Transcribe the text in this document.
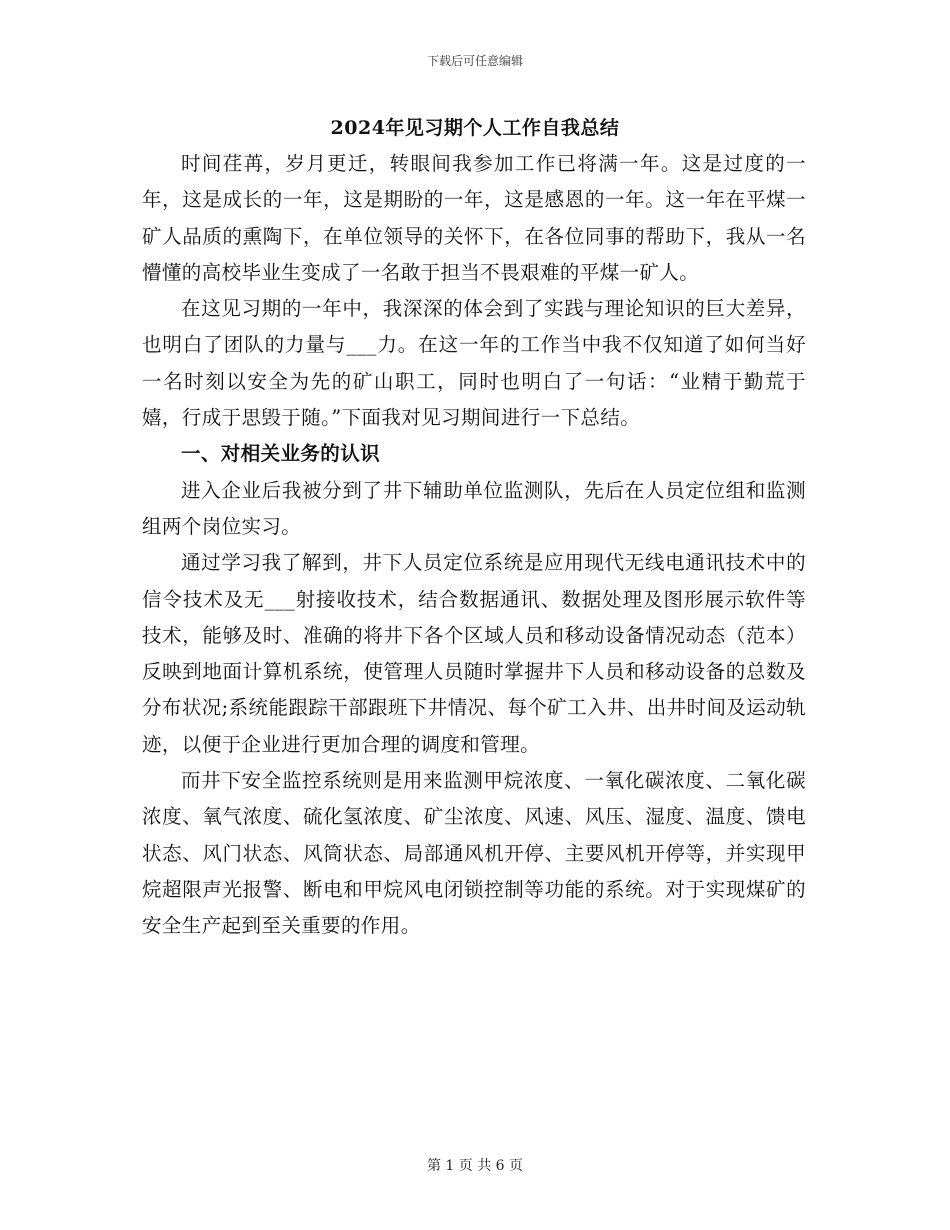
下载后可任意编辑
2024年见习期个人工作自我总结

时间荏苒，岁月更迁，转眼间我参加工作已将满一年。这是过度的一年，这是成长的一年，这是期盼的一年，这是感恩的一年。这一年在平煤一矿人品质的熏陶下，在单位领导的关怀下，在各位同事的帮助下，我从一名懵懂的高校毕业生变成了一名敢于担当不畏艰难的平煤一矿人。

在这见习期的一年中，我深深的体会到了实践与理论知识的巨大差异，也明白了团队的力量与___力。在这一年的工作当中我不仅知道了如何当好一名时刻以安全为先的矿山职工，同时也明白了一句话：“业精于勤荒于嬉，行成于思毁于随。”下面我对见习期间进行一下总结。

一、对相关业务的认识

进入企业后我被分到了井下辅助单位监测队，先后在人员定位组和监测组两个岗位实习。

通过学习我了解到，井下人员定位系统是应用现代无线电通讯技术中的信令技术及无___射接收技术，结合数据通讯、数据处理及图形展示软件等技术，能够及时、准确的将井下各个区域人员和移动设备情况动态（范本）反映到地面计算机系统，使管理人员随时掌握井下人员和移动设备的总数及分布状况;系统能跟踪干部跟班下井情况、每个矿工入井、出井时间及运动轨迹，以便于企业进行更加合理的调度和管理。

而井下安全监控系统则是用来监测甲烷浓度、一氧化碳浓度、二氧化碳浓度、氧气浓度、硫化氢浓度、矿尘浓度、风速、风压、湿度、温度、馈电状态、风门状态、风筒状态、局部通风机开停、主要风机开停等，并实现甲烷超限声光报警、断电和甲烷风电闭锁控制等功能的系统。对于实现煤矿的安全生产起到至关重要的作用。

第 1 页 共 6 页
